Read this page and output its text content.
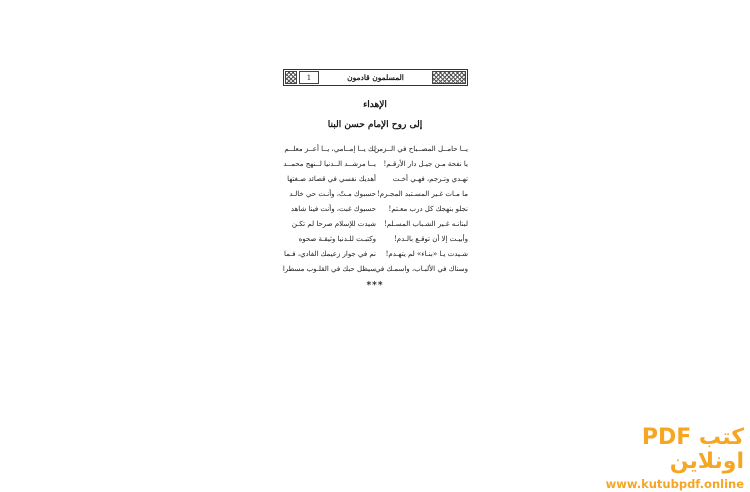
1	المسلمون قادمون
الإهداء
إلى روح الإمام حسن البنا
لك يــا إمــامي، يــا أعــز معلــم
يــا حامــل المصــباح في الــزمن
يــا مرشــد الــدنيا لــنهج محمــد يا نفحة مـن جيـل دار الأرقـم!
أهديك نفسي في قصائد صـغتها	تهـدي وتـرجم، فهـي أخـت
حسبوك مـتّ، وأنـت حي خالـد ما مـات غـير المسـتبد المجـرم!
حسبوك غبت، وأنت فينا شاهد	نجلو بنهجك كل درب معـتم!
شيدت للإسلام صرحا لم تكـن لبنانـه غـير الشـباب المسـلم!
وكتبـت للـدنيا وثيقـة صحوه	وأبيـت إلا أن توقـع بالـدم!
نم في جوار زعيمك الفادي، فـما	شـيدت يـا «بنـاء» لم يتهـدم!
سيظل حبك في القلـوب مسطرا وسناك في الألبـاب، واسمـك في
***
كتب PDF اونلاين
www.kutubpdf.online
